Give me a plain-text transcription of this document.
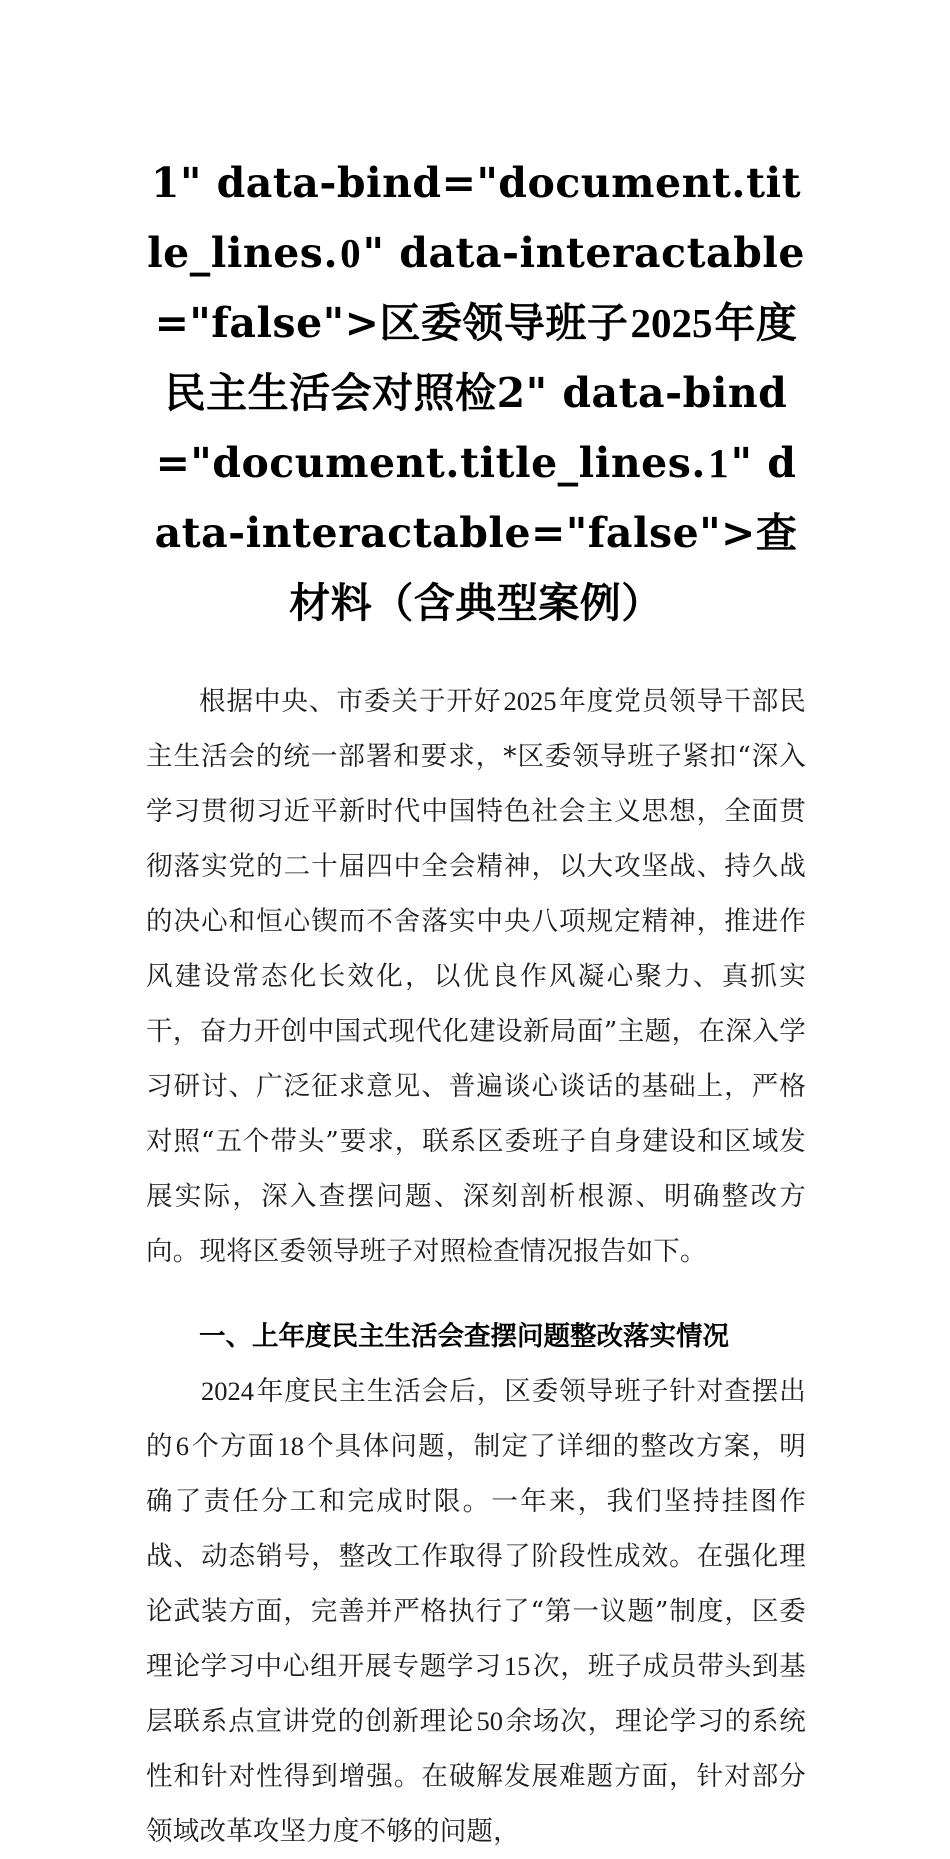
1" data-bind="document.title_lines.0" data-interactable="false">区委领导班子2025年度民主生活会对照检2" data-bind="document.title_lines.1" data-interactable="false">查材料（含典型案例）

根据中央、市委关于开好2025年度党员领导干部民主生活会的统一部署和要求，*区委领导班子紧扣“深入学习贯彻习近平新时代中国特色社会主义思想，全面贯彻落实党的二十届四中全会精神，以大攻坚战、持久战的决心和恒心锲而不舍落实中央八项规定精神，推进作风建设常态化长效化，以优良作风凝心聚力、真抓实干，奋力开创中国式现代化建设新局面”主题，在深入学习研讨、广泛征求意见、普遍谈心谈话的基础上，严格对照“五个带头”要求，联系区委班子自身建设和区域发展实际，深入查摆问题、深刻剖析根源、明确整改方向。现将区委领导班子对照检查情况报告如下。

一、上年度民主生活会查摆问题整改落实情况

2024年度民主生活会后，区委领导班子针对查摆出的6个方面18个具体问题，制定了详细的整改方案，明确了责任分工和完成时限。一年来，我们坚持挂图作战、动态销号，整改工作取得了阶段性成效。在强化理论武装方面，完善并严格执行了“第一议题”制度，区委理论学习中心组开展专题学习15次，班子成员带头到基层联系点宣讲党的创新理论50余场次，理论学习的系统性和针对性得到增强。在破解发展难题方面，针对部分领域改革攻坚力度不够的问题，
